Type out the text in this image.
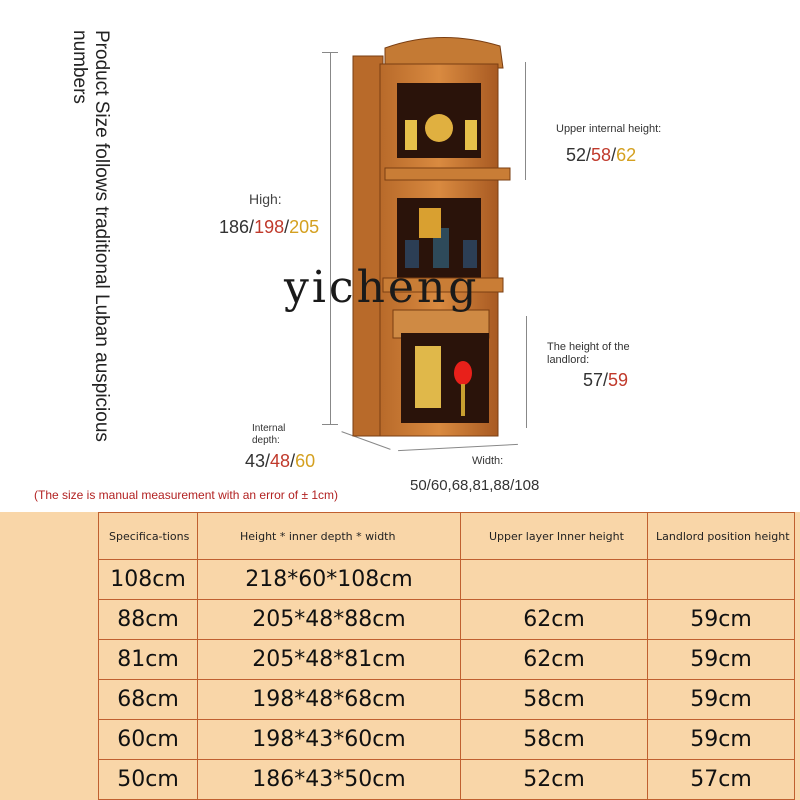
Product Size follows traditional Luban auspicious numbers
High:
186/198/205
Upper internal height:
52/58/62
yicheng
The height of the landlord:
57/59
Internal depth:
43/48/60	Width:
50/60,68,81,88/108
(The size is manual measurement with an error of ± 1cm)
Specifica-tions	Height * inner depth * width	Upper layer Inner height	Landlord position height
108cm	218*60*108cm		
88cm	205*48*88cm	62cm	59cm
81cm	205*48*81cm	62cm	59cm
68cm	198*48*68cm	58cm	59cm
60cm	198*43*60cm	58cm	59cm
50cm	186*43*50cm	52cm	57cm
